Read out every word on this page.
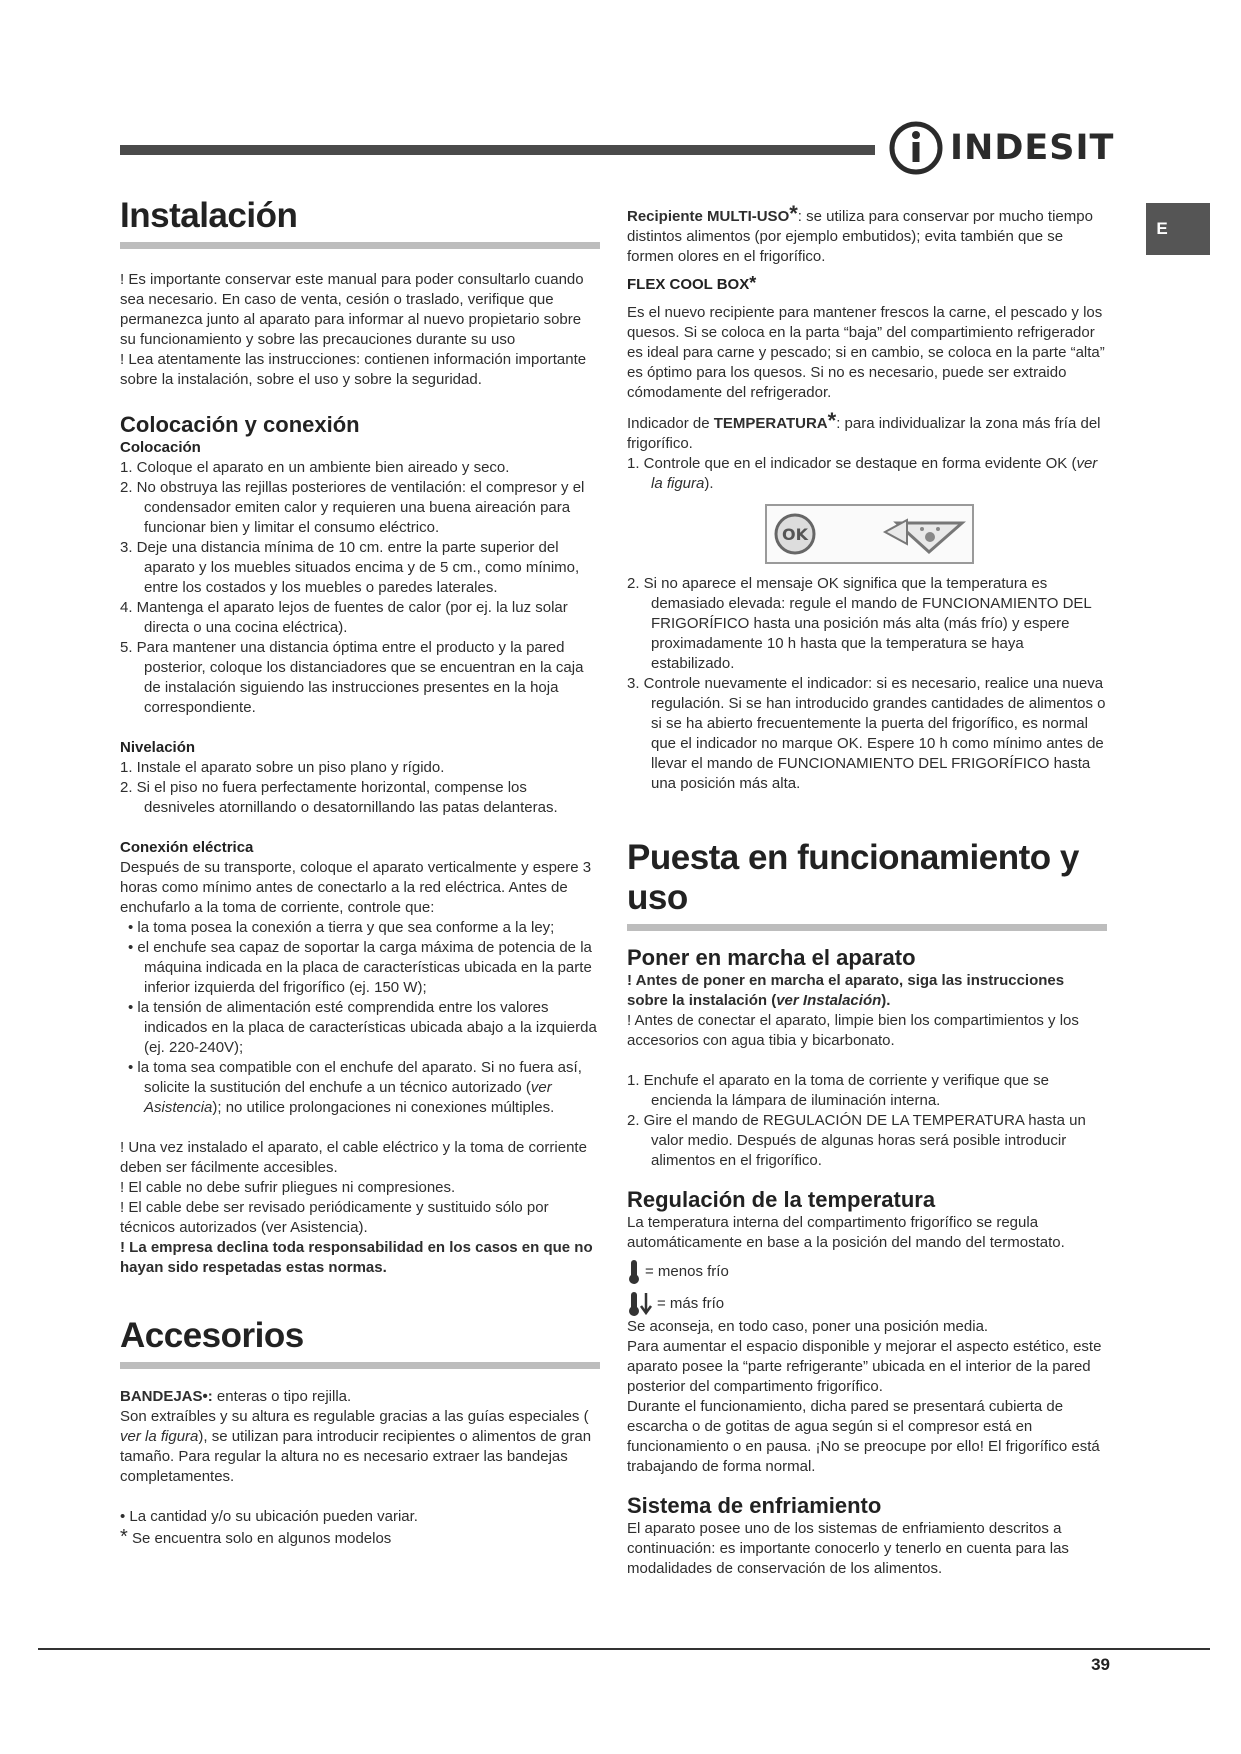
INDESIT
E
Instalación

! Es importante conservar este manual para poder consultarlo cuando sea necesario. En caso de venta, cesión o traslado, verifique que permanezca junto al aparato para informar al nuevo propietario sobre su funcionamiento y sobre las precauciones durante su uso

! Lea atentamente las instrucciones: contienen información importante sobre la instalación, sobre el uso y sobre la seguridad.

Colocación y conexión
Colocación
1. Coloque el aparato en un ambiente bien aireado y seco.
2. No obstruya las rejillas posteriores de ventilación: el compresor y el condensador emiten calor y requieren una buena aireación para funcionar bien y limitar el consumo eléctrico.
3. Deje una distancia mínima de 10 cm. entre la parte superior del aparato y los muebles situados encima y de 5 cm., como mínimo, entre los costados y los muebles o paredes laterales.
4. Mantenga el aparato lejos de fuentes de calor (por ej. la luz solar directa o una cocina eléctrica).
5. Para mantener una distancia óptima entre el producto y la pared posterior, coloque los distanciadores que se encuentran en la caja de instalación siguiendo las instrucciones presentes en la hoja correspondiente.
Nivelación
1. Instale el aparato sobre un piso plano y rígido.
2. Si el piso no fuera perfectamente horizontal, compense los desniveles atornillando o desatornillando las patas delanteras.
Conexión eléctrica

Después de su transporte, coloque el aparato verticalmente y espere 3 horas como mínimo antes de conectarlo a la red eléctrica. Antes de enchufarlo a la toma de corriente, controle que:

• la toma posea la conexión a tierra y que sea conforme a la ley;
• el enchufe sea capaz de soportar la carga máxima de potencia de la máquina indicada en la placa de características ubicada en la parte inferior izquierda del frigorífico (ej. 150 W);
• la tensión de alimentación esté comprendida entre los valores indicados en la placa de características ubicada abajo a la izquierda (ej. 220-240V);
• la toma sea compatible con el enchufe del aparato. Si no fuera así, solicite la sustitución del enchufe a un técnico autorizado (ver Asistencia); no utilice prolongaciones ni conexiones múltiples.

! Una vez instalado el aparato, el cable eléctrico y la toma de corriente deben ser fácilmente accesibles.

! El cable no debe sufrir pliegues ni compresiones.

! El cable debe ser revisado periódicamente y sustituido sólo por técnicos autorizados (ver Asistencia).

! La empresa declina toda responsabilidad en los casos en que no hayan sido respetadas estas normas.

Accesorios

BANDEJAS•: enteras o tipo rejilla.

Son extraíbles y su altura es regulable gracias a las guías especiales ( ver la figura), se utilizan para introducir recipientes o alimentos de gran tamaño. Para regular la altura no es necesario extraer las bandejas completamentes.

• La cantidad y/o su ubicación pueden variar.

* Se encuentra solo en algunos modelos

Recipiente MULTI-USO*: se utiliza para conservar por mucho tiempo distintos alimentos (por ejemplo embutidos); evita también que se formen olores en el frigorífico.

FLEX COOL BOX*

Es el nuevo recipiente para mantener frescos la carne, el pescado y los quesos. Si se coloca en la parta “baja” del compartimiento refrigerador es ideal para carne y pescado; si en cambio, se coloca en la parte “alta” es óptimo para los quesos. Si no es necesario, puede ser extraido cómodamente del refrigerador.

Indicador de TEMPERATURA*: para individualizar la zona más fría del frigorífico.

1. Controle que en el indicador se destaque en forma evidente OK (ver la figura).
OK
2. Si no aparece el mensaje OK significa que la temperatura es demasiado elevada: regule el mando de FUNCIONAMIENTO DEL FRIGORÍFICO hasta una posición más alta (más frío) y espere proximadamente 10 h hasta que la temperatura se haya estabilizado.
3. Controle nuevamente el indicador: si es necesario, realice una nueva regulación. Si se han introducido grandes cantidades de alimentos o si se ha abierto frecuentemente la puerta del frigorífico, es normal que el indicador no marque OK. Espere 10 h como mínimo antes de llevar el mando de FUNCIONAMIENTO DEL FRIGORÍFICO hasta una posición más alta.
Puesta en funcionamiento y uso
Poner en marcha el aparato

! Antes de poner en marcha el aparato, siga las instrucciones sobre la instalación (ver Instalación).

! Antes de conectar el aparato, limpie bien los compartimientos y los accesorios con agua tibia y bicarbonato.

1. Enchufe el aparato en la toma de corriente y verifique que se encienda la lámpara de iluminación interna.
2. Gire el mando de REGULACIÓN DE LA TEMPERATURA hasta un valor medio. Después de algunas horas será posible introducir alimentos en el frigorífico.
Regulación de la temperatura

La temperatura interna del compartimento frigorífico se regula automáticamente en base a la posición del mando del termostato.

= menos frío
= más frío

Se aconseja, en todo caso, poner una posición media.

Para aumentar el espacio disponible y mejorar el aspecto estético, este aparato posee la “parte refrigerante” ubicada en el interior de la pared posterior del compartimento frigorífico.

Durante el funcionamiento, dicha pared se presentará cubierta de escarcha o de gotitas de agua según si el compresor está en funcionamiento o en pausa. ¡No se preocupe por ello! El frigorífico está trabajando de forma normal.

Sistema de enfriamiento

El aparato posee uno de los sistemas de enfriamiento descritos a continuación: es importante conocerlo y tenerlo en cuenta para las modalidades de conservación de los alimentos.

39
